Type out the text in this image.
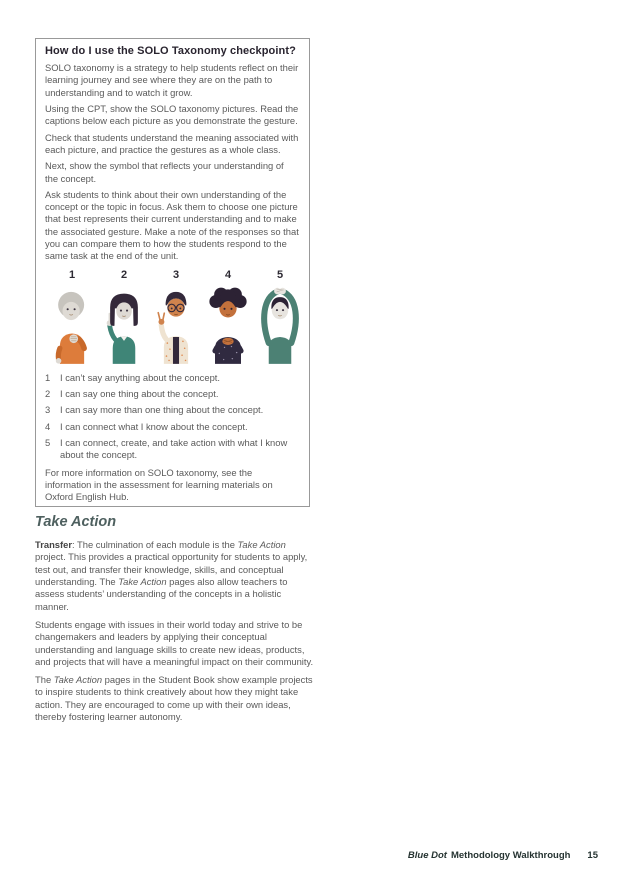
How do I use the SOLO Taxonomy checkpoint?

SOLO taxonomy is a strategy to help students reflect on their learning journey and see where they are on the path to understanding and to watch it grow.

Using the CPT, show the SOLO taxonomy pictures. Read the captions below each picture as you demonstrate the gesture.

Check that students understand the meaning associated with each picture, and practice the gestures as a whole class.

Next, show the symbol that reflects your understanding of the concept.

Ask students to think about their own understanding of the concept or the topic in focus. Ask them to choose one picture that best represents their current understanding and to make the associated gesture. Make a note of the responses so that you can compare them to how the students respond to the same task at the end of the unit.

1	2	3	4	5
1 I can’t say anything about the concept.
2 I can say one thing about the concept.
3 I can say more than one thing about the concept.
4 I can connect what I know about the concept.
5 I can connect, create, and take action with what I know about the concept.

For more information on SOLO taxonomy, see the information in the assessment for learning materials on Oxford English Hub.

Take Action

Transfer: The culmination of each module is the Take Action project. This provides a practical opportunity for students to apply, test out, and transfer their knowledge, skills, and conceptual understanding. The Take Action pages also allow teachers to assess students’ understanding of the concepts in a holistic manner.

Students engage with issues in their world today and strive to be changemakers and leaders by applying their conceptual understanding and language skills to create new ideas, products, and projects that will have a meaningful impact on their community.

The Take Action pages in the Student Book show example projects to inspire students to think creatively about how they might take action. They are encouraged to come up with their own ideas, thereby fostering learner autonomy.

Blue Dot Methodology Walkthrough 15
